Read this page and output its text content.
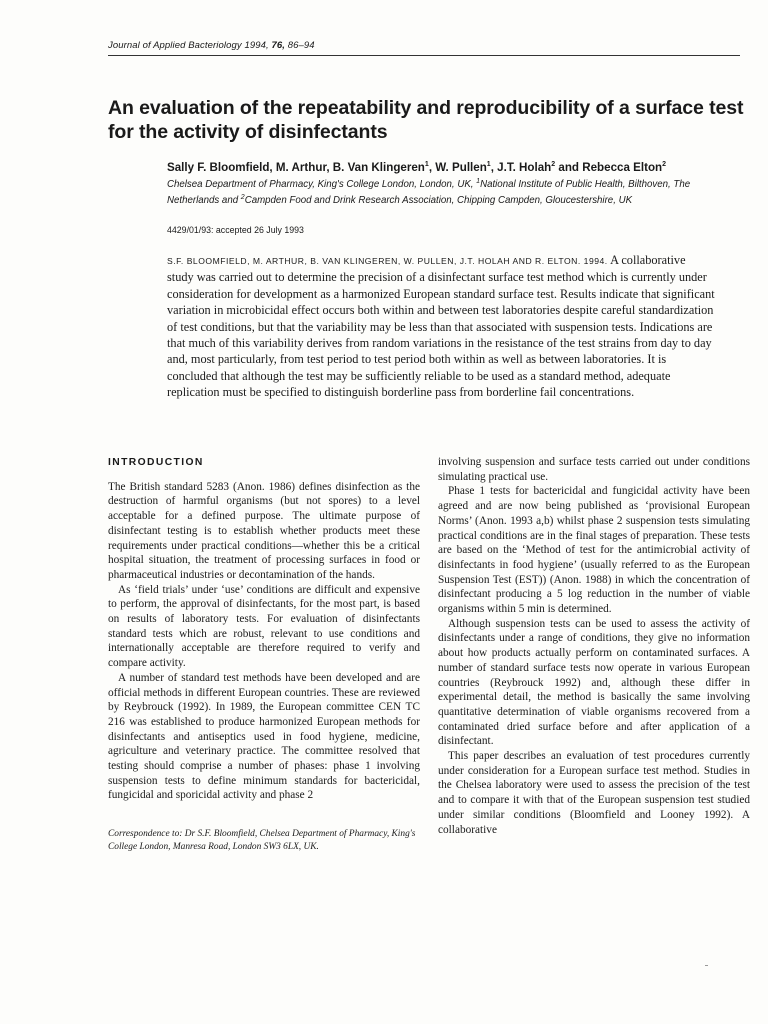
Journal of Applied Bacteriology 1994, 76, 86–94
An evaluation of the repeatability and reproducibility of a surface test for the activity of disinfectants
Sally F. Bloomfield, M. Arthur, B. Van Klingeren$^1$, W. Pullen$^1$, J.T. Holah$^2$ and Rebecca Elton$^2$
Chelsea Department of Pharmacy, King's College London, London, UK, $^1$National Institute of Public Health, Bilthoven, The Netherlands and $^2$Campden Food and Drink Research Association, Chipping Campden, Gloucestershire, UK
4429/01/93: accepted 26 July 1993

S.F. BLOOMFIELD, M. ARTHUR, B. VAN KLINGEREN, W. PULLEN, J.T. HOLAH AND R. ELTON. 1994. A collaborative study was carried out to determine the precision of a disinfectant surface test method which is currently under consideration for development as a harmonized European standard surface test. Results indicate that significant variation in microbicidal effect occurs both within and between test laboratories despite careful standardization of test conditions, but that the variability may be less than that associated with suspension tests. Indications are that much of this variability derives from random variations in the resistance of the test strains from day to day and, most particularly, from test period to test period both within as well as between laboratories. It is concluded that although the test may be sufficiently reliable to be used as a standard method, adequate replication must be specified to distinguish borderline pass from borderline fail concentrations.

INTRODUCTION

The British standard 5283 (Anon. 1986) defines disinfection as the destruction of harmful organisms (but not spores) to a level acceptable for a defined purpose. The ultimate purpose of disinfectant testing is to establish whether products meet these requirements under practical conditions—whether this be a critical hospital situation, the treatment of processing surfaces in food or pharmaceutical industries or decontamination of the hands.

As ‘field trials’ under ‘use’ conditions are difficult and expensive to perform, the approval of disinfectants, for the most part, is based on results of laboratory tests. For evaluation of disinfectants standard tests which are robust, relevant to use conditions and internationally acceptable are therefore required to verify and compare activity.

A number of standard test methods have been developed and are official methods in different European countries. These are reviewed by Reybrouck (1992). In 1989, the European committee CEN TC 216 was established to produce harmonized European methods for disinfectants and antiseptics used in food hygiene, medicine, agriculture and veterinary practice. The committee resolved that testing should comprise a number of phases: phase 1 involving suspension tests to define minimum standards for bactericidal, fungicidal and sporicidal activity and phase 2

Correspondence to: Dr S.F. Bloomfield, Chelsea Department of Pharmacy, King's College London, Manresa Road, London SW3 6LX, UK.

involving suspension and surface tests carried out under conditions simulating practical use.

Phase 1 tests for bactericidal and fungicidal activity have been agreed and are now being published as ‘provisional European Norms’ (Anon. 1993 a,b) whilst phase 2 suspension tests simulating practical conditions are in the final stages of preparation. These tests are based on the ‘Method of test for the antimicrobial activity of disinfectants in food hygiene’ (usually referred to as the European Suspension Test (EST)) (Anon. 1988) in which the concentration of disinfectant producing a 5 log reduction in the number of viable organisms within 5 min is determined.

Although suspension tests can be used to assess the activity of disinfectants under a range of conditions, they give no information about how products actually perform on contaminated surfaces. A number of standard surface tests now operate in various European countries (Reybrouck 1992) and, although these differ in experimental detail, the method is basically the same involving quantitative determination of viable organisms recovered from a contaminated dried surface before and after application of a disinfectant.

This paper describes an evaluation of test procedures currently under consideration for a European surface test method. Studies in the Chelsea laboratory were used to assess the precision of the test and to compare it with that of the European suspension test studied under similar conditions (Bloomfield and Looney 1992). A collaborative
